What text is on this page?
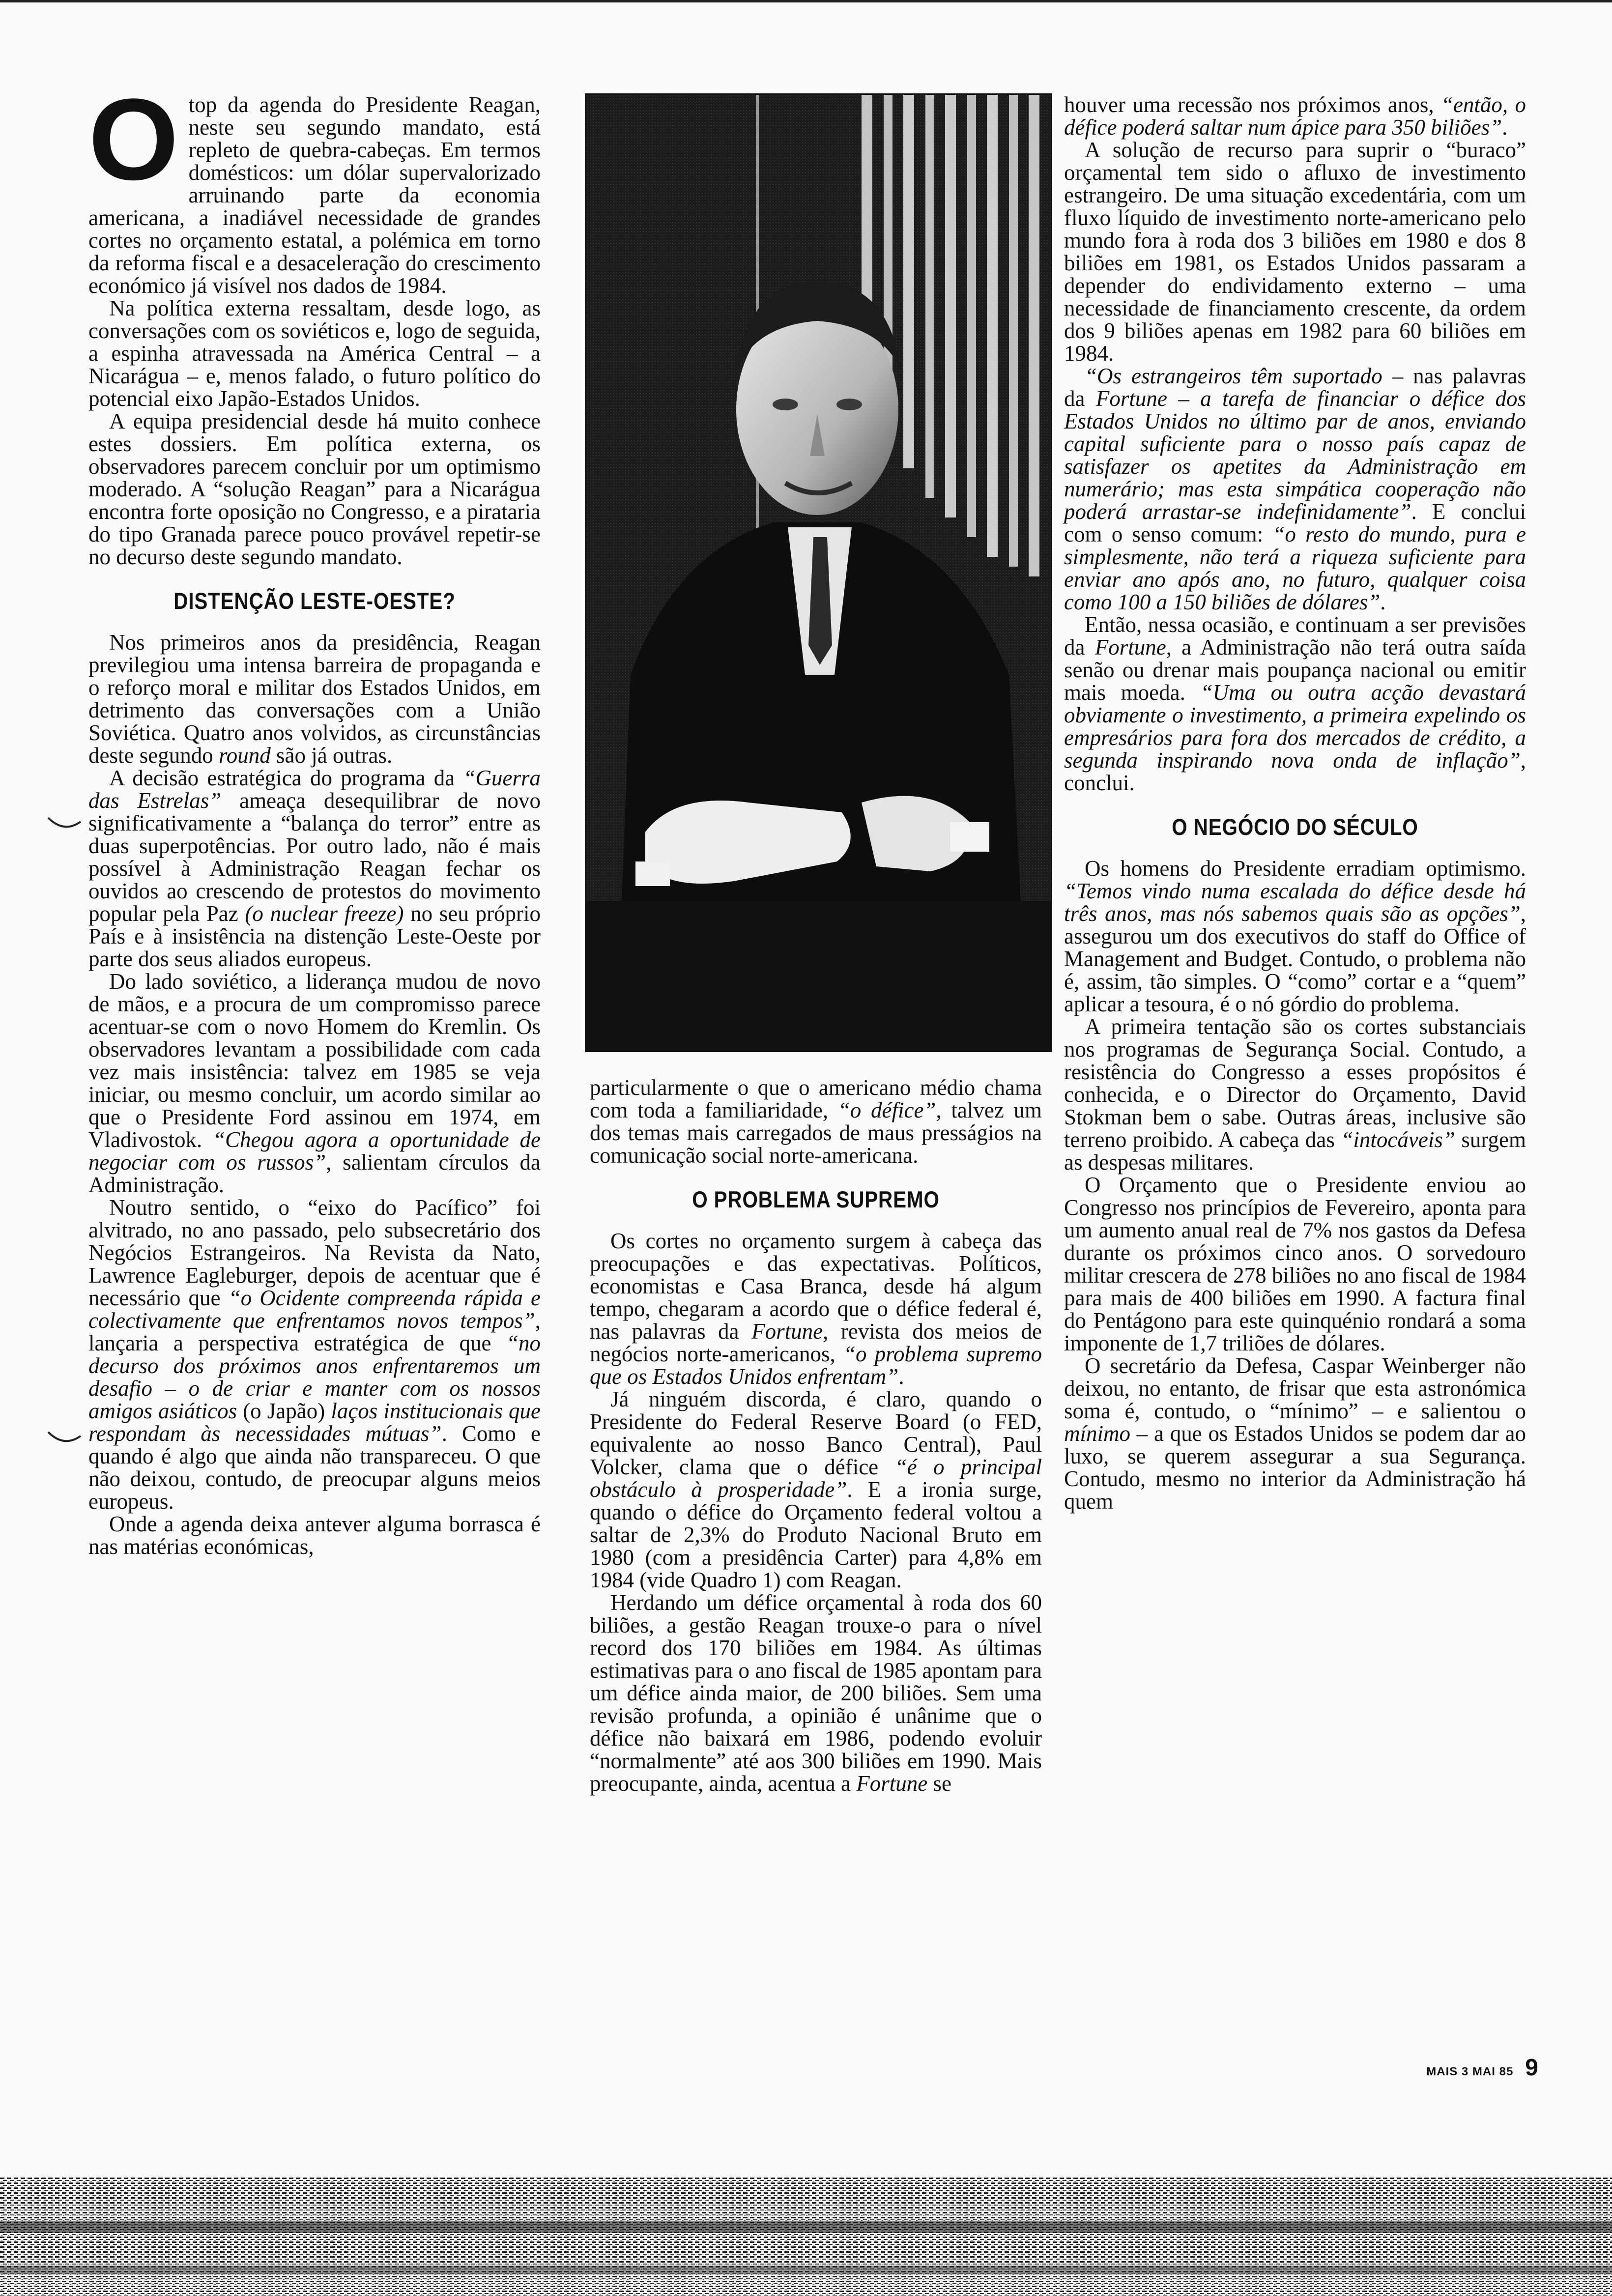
Otop da agenda do Presidente Reagan, neste seu segundo mandato, está repleto de quebra-cabeças. Em termos domésticos: um dólar supervalorizado arruinando parte da economia americana, a inadiável necessidade de grandes cortes no orçamento estatal, a polémica em torno da reforma fiscal e a desaceleração do crescimento económico já visível nos dados de 1984.

Na política externa ressaltam, desde logo, as conversações com os soviéticos e, logo de seguida, a espinha atravessada na América Central – a Nicarágua – e, menos falado, o futuro político do potencial eixo Japão-Estados Unidos.

A equipa presidencial desde há muito conhece estes dossiers. Em política externa, os observadores parecem concluir por um optimismo moderado. A “solução Reagan” para a Nicarágua encontra forte oposição no Congresso, e a pirataria do tipo Granada parece pouco provável repetir-se no decurso deste segundo mandato.

DISTENÇÃO LESTE-OESTE?

Nos primeiros anos da presidência, Reagan previlegiou uma intensa barreira de propaganda e o reforço moral e militar dos Estados Unidos, em detrimento das conversações com a União Soviética. Quatro anos volvidos, as circunstâncias deste segundo round são já outras.

A decisão estratégica do programa da “Guerra das Estrelas” ameaça desequilibrar de novo significativamente a “balança do terror” entre as duas superpotências. Por outro lado, não é mais possível à Administração Reagan fechar os ouvidos ao crescendo de protestos do movimento popular pela Paz (o nuclear freeze) no seu próprio País e à insistência na distenção Leste-Oeste por parte dos seus aliados europeus.

Do lado soviético, a liderança mudou de novo de mãos, e a procura de um compromisso parece acentuar-se com o novo Homem do Kremlin. Os observadores levantam a possibilidade com cada vez mais insistência: talvez em 1985 se veja iniciar, ou mesmo concluir, um acordo similar ao que o Presidente Ford assinou em 1974, em Vladivostok. “Chegou agora a oportunidade de negociar com os russos”, salientam círculos da Administração.

Noutro sentido, o “eixo do Pacífico” foi alvitrado, no ano passado, pelo subsecretário dos Negócios Estrangeiros. Na Revista da Nato, Lawrence Eagleburger, depois de acentuar que é necessário que “o Ocidente compreenda rápida e colectivamente que enfrentamos novos tempos”, lançaria a perspectiva estratégica de que “no decurso dos próximos anos enfrentaremos um desafio – o de criar e manter com os nossos amigos asiáticos (o Japão) laços institucionais que respondam às necessidades mútuas”. Como e quando é algo que ainda não transpareceu. O que não deixou, contudo, de preocupar alguns meios europeus.

Onde a agenda deixa antever alguma borrasca é nas matérias económicas,

particularmente o que o americano médio chama com toda a familiaridade, “o défice”, talvez um dos temas mais carregados de maus presságios na comunicação social norte-americana.

O PROBLEMA SUPREMO

Os cortes no orçamento surgem à cabeça das preocupações e das expectativas. Políticos, economistas e Casa Branca, desde há algum tempo, chegaram a acordo que o défice federal é, nas palavras da Fortune, revista dos meios de negócios norte-americanos, “o problema supremo que os Estados Unidos enfrentam”.

Já ninguém discorda, é claro, quando o Presidente do Federal Reserve Board (o FED, equivalente ao nosso Banco Central), Paul Volcker, clama que o défice “é o principal obstáculo à prosperidade”. E a ironia surge, quando o défice do Orçamento federal voltou a saltar de 2,3% do Produto Nacional Bruto em 1980 (com a presidência Carter) para 4,8% em 1984 (vide Quadro 1) com Reagan.

Herdando um défice orçamental à roda dos 60 biliões, a gestão Reagan trouxe-o para o nível record dos 170 biliões em 1984. As últimas estimativas para o ano fiscal de 1985 apontam para um défice ainda maior, de 200 biliões. Sem uma revisão profunda, a opinião é unânime que o défice não baixará em 1986, podendo evoluir “normalmente” até aos 300 biliões em 1990. Mais preocupante, ainda, acentua a Fortune se

houver uma recessão nos próximos anos, “então, o défice poderá saltar num ápice para 350 biliões”.

A solução de recurso para suprir o “buraco” orçamental tem sido o afluxo de investimento estrangeiro. De uma situação excedentária, com um fluxo líquido de investimento norte-americano pelo mundo fora à roda dos 3 biliões em 1980 e dos 8 biliões em 1981, os Estados Unidos passaram a depender do endividamento externo – uma necessidade de financiamento crescente, da ordem dos 9 biliões apenas em 1982 para 60 biliões em 1984.

“Os estrangeiros têm suportado – nas palavras da Fortune – a tarefa de financiar o défice dos Estados Unidos no último par de anos, enviando capital suficiente para o nosso país capaz de satisfazer os apetites da Administração em numerário; mas esta simpática cooperação não poderá arrastar-se indefinidamente”. E conclui com o senso comum: “o resto do mundo, pura e simplesmente, não terá a riqueza suficiente para enviar ano após ano, no futuro, qualquer coisa como 100 a 150 biliões de dólares”.

Então, nessa ocasião, e continuam a ser previsões da Fortune, a Administração não terá outra saída senão ou drenar mais poupança nacional ou emitir mais moeda. “Uma ou outra acção devastará obviamente o investimento, a primeira expelindo os empresários para fora dos mercados de crédito, a segunda inspirando nova onda de inflação”, conclui.

O NEGÓCIO DO SÉCULO

Os homens do Presidente erradiam optimismo. “Temos vindo numa escalada do défice desde há três anos, mas nós sabemos quais são as opções”, assegurou um dos executivos do staff do Office of Management and Budget. Contudo, o problema não é, assim, tão simples. O “como” cortar e a “quem” aplicar a tesoura, é o nó górdio do problema.

A primeira tentação são os cortes substanciais nos programas de Segurança Social. Contudo, a resistência do Congresso a esses propósitos é conhecida, e o Director do Orçamento, David Stokman bem o sabe. Outras áreas, inclusive são terreno proibido. A cabeça das “intocáveis” surgem as despesas militares.

O Orçamento que o Presidente enviou ao Congresso nos princípios de Fevereiro, aponta para um aumento anual real de 7% nos gastos da Defesa durante os próximos cinco anos. O sorvedouro militar crescera de 278 biliões no ano fiscal de 1984 para mais de 400 biliões em 1990. A factura final do Pentágono para este quinquénio rondará a soma imponente de 1,7 triliões de dólares.

O secretário da Defesa, Caspar Weinberger não deixou, no entanto, de frisar que esta astronómica soma é, contudo, o “mínimo” – e salientou o mínimo – a que os Estados Unidos se podem dar ao luxo, se querem assegurar a sua Segurança. Contudo, mesmo no interior da Administração há quem

MAIS 3 MAI 85 9
